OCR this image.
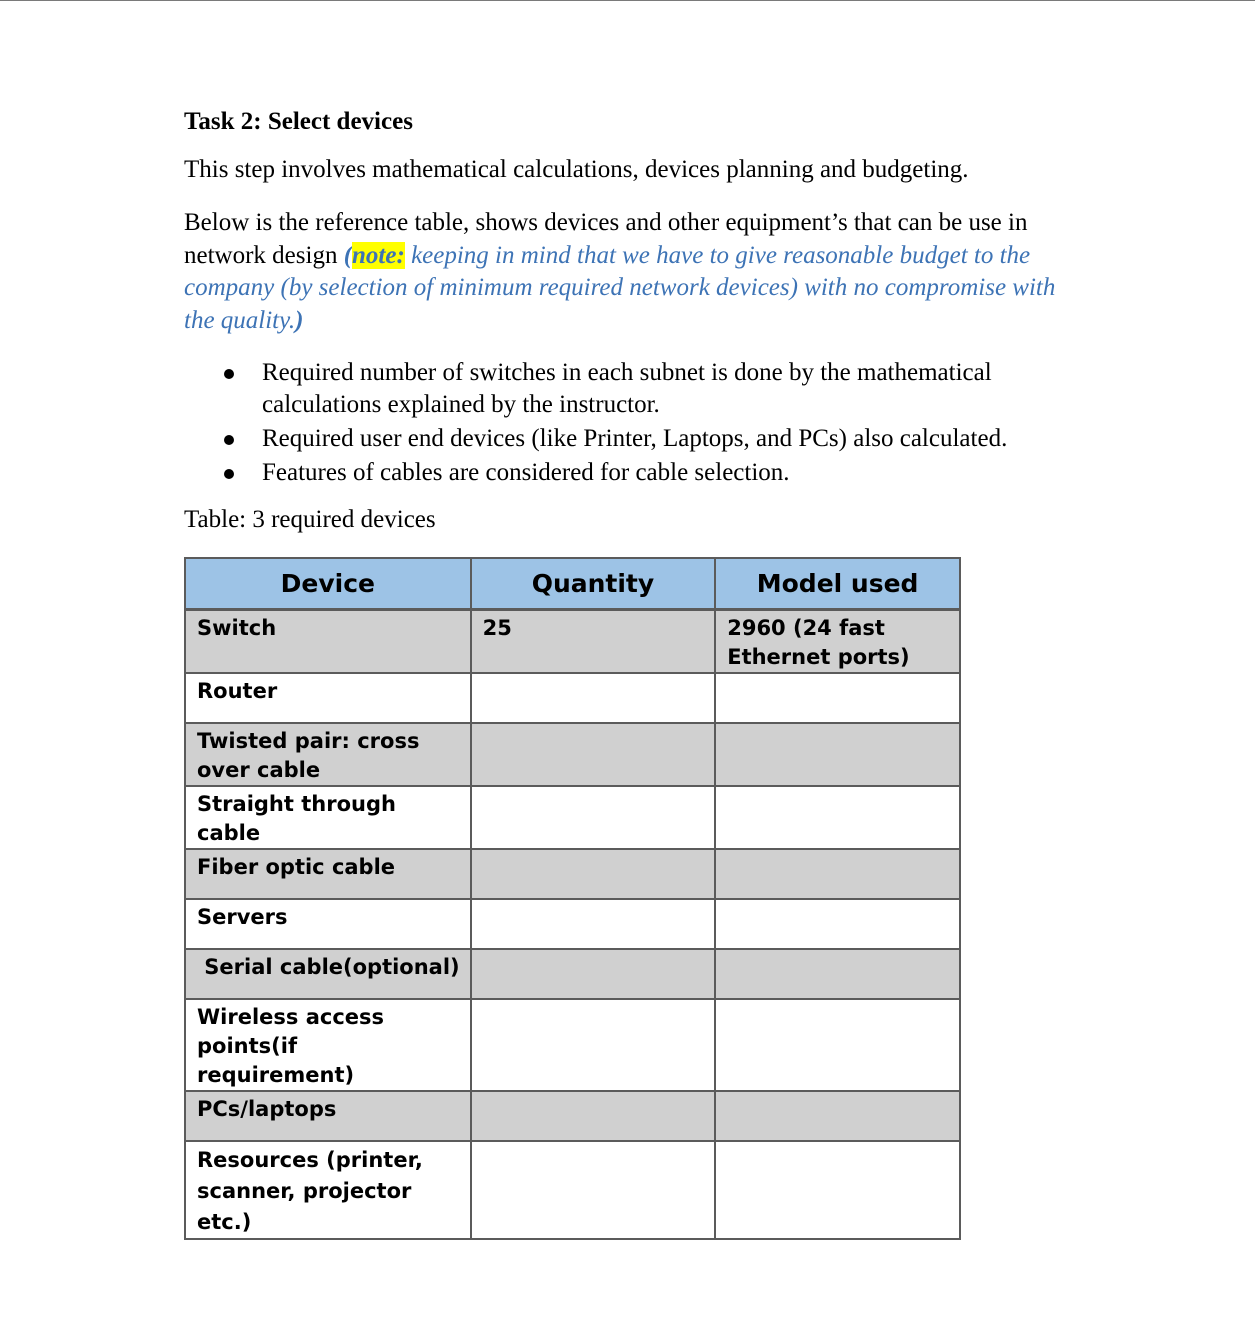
Task 2: Select devices
This step involves mathematical calculations, devices planning and budgeting.
Below is the reference table, shows devices and other equipment’s that can be use in network design (note: keeping in mind that we have to give reasonable budget to the company (by selection of minimum required network devices) with no compromise with the quality.)
Required number of switches in each subnet is done by the mathematical calculations explained by the instructor.
Required user end devices (like Printer, Laptops, and PCs) also calculated.
Features of cables are considered for cable selection.
Table: 3 required devices
Device	Quantity	Model used

Switch	25	2960 (24 fast Ethernet ports)

Router		

Twisted pair: cross over cable		

Straight through cable		

Fiber optic cable		

Servers		

Serial cable(optional)		

Wireless access points(if requirement)		

PCs/laptops		

Resources (printer, scanner, projector etc.)		
